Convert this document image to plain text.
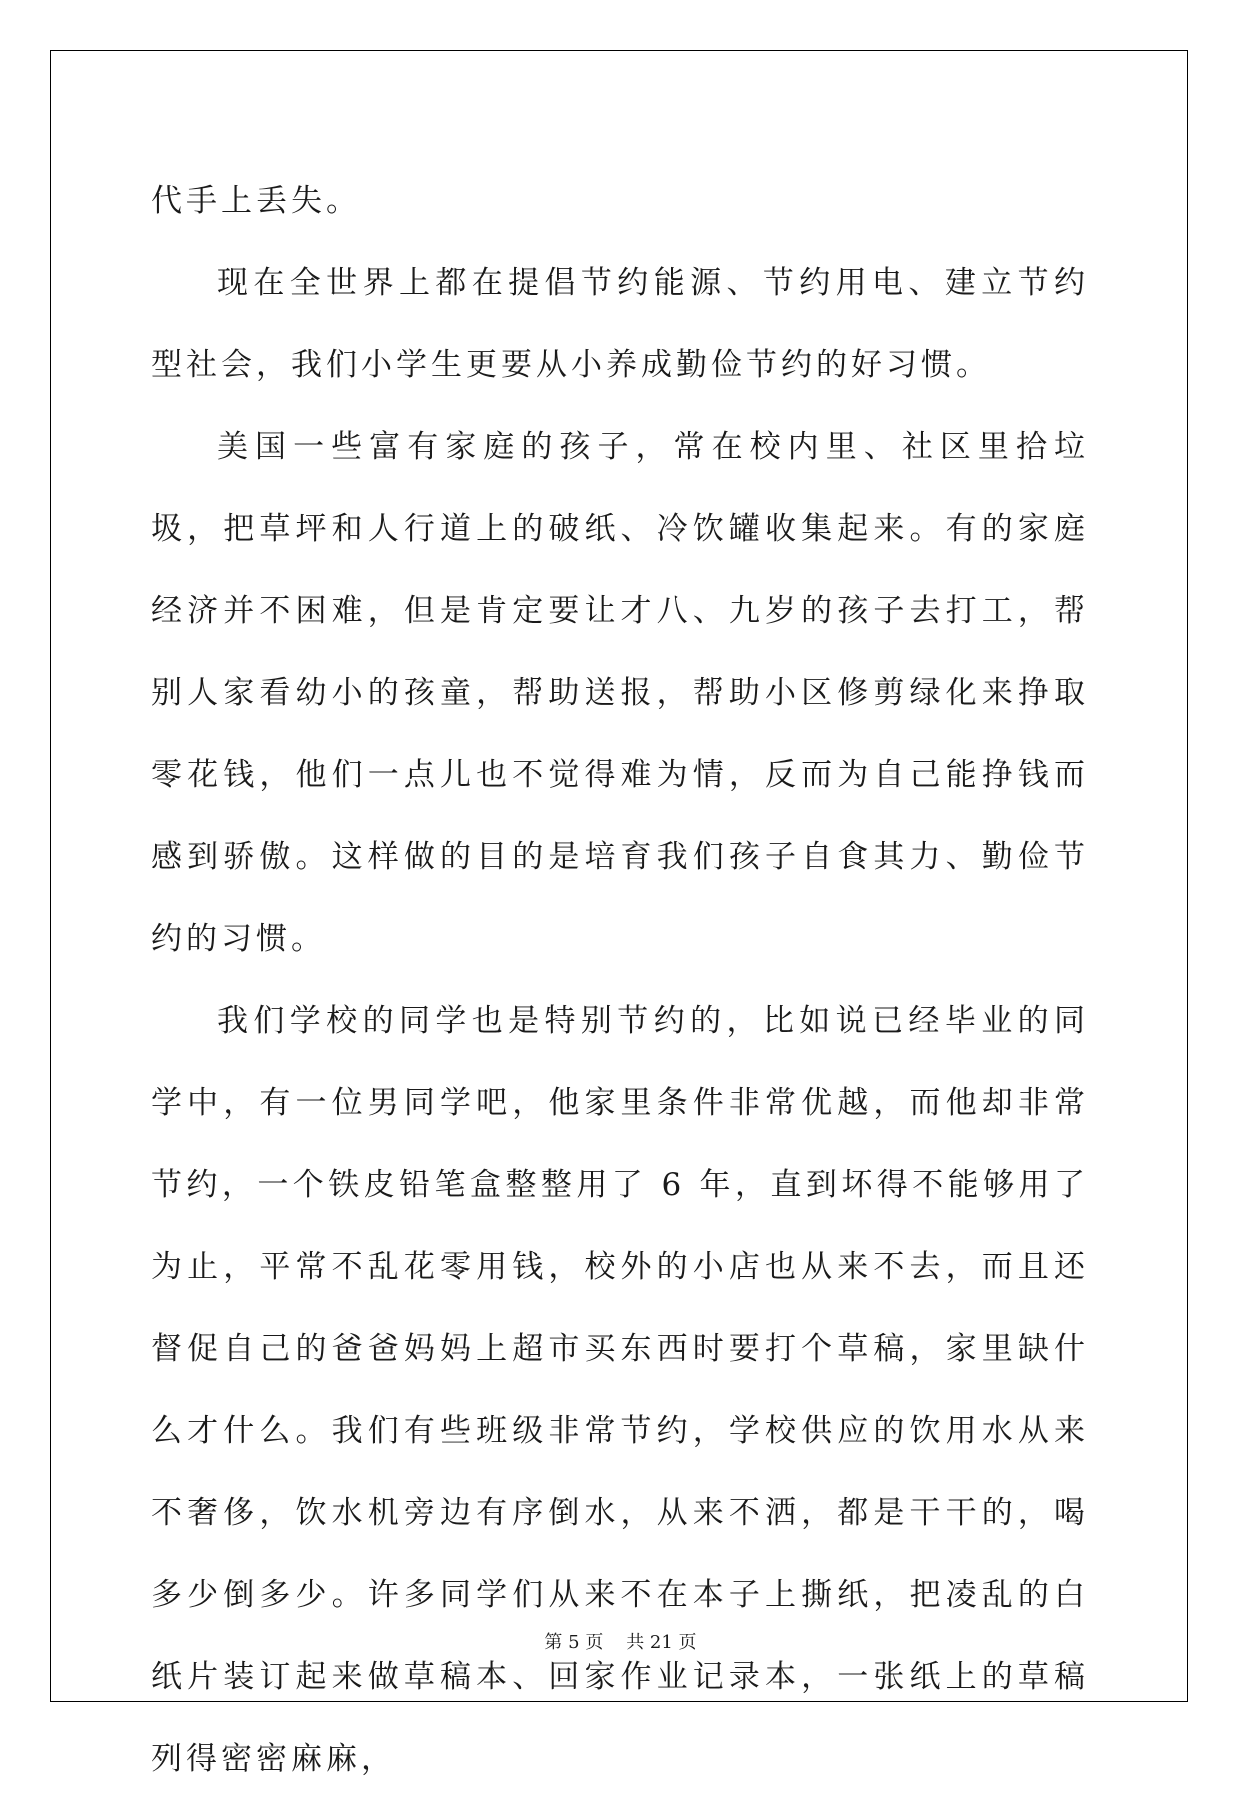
代手上丢失。

现在全世界上都在提倡节约能源、节约用电、建立节约型社会，我们小学生更要从小养成勤俭节约的好习惯。

美国一些富有家庭的孩子，常在校内里、社区里拾垃圾，把草坪和人行道上的破纸、冷饮罐收集起来。有的家庭经济并不困难，但是肯定要让才八、九岁的孩子去打工，帮别人家看幼小的孩童，帮助送报，帮助小区修剪绿化来挣取零花钱，他们一点儿也不觉得难为情，反而为自己能挣钱而感到骄傲。这样做的目的是培育我们孩子自食其力、勤俭节约的习惯。

我们学校的同学也是特别节约的，比如说已经毕业的同学中，有一位男同学吧，他家里条件非常优越，而他却非常节约，一个铁皮铅笔盒整整用了 6 年，直到坏得不能够用了为止，平常不乱花零用钱，校外的小店也从来不去，而且还督促自己的爸爸妈妈上超市买东西时要打个草稿，家里缺什么才什么。我们有些班级非常节约，学校供应的饮用水从来不奢侈，饮水机旁边有序倒水，从来不洒，都是干干的，喝多少倒多少。许多同学们从来不在本子上撕纸，把凌乱的白纸片装订起来做草稿本、回家作业记录本，一张纸上的草稿列得密密麻麻，

第 5 页    共 21 页
